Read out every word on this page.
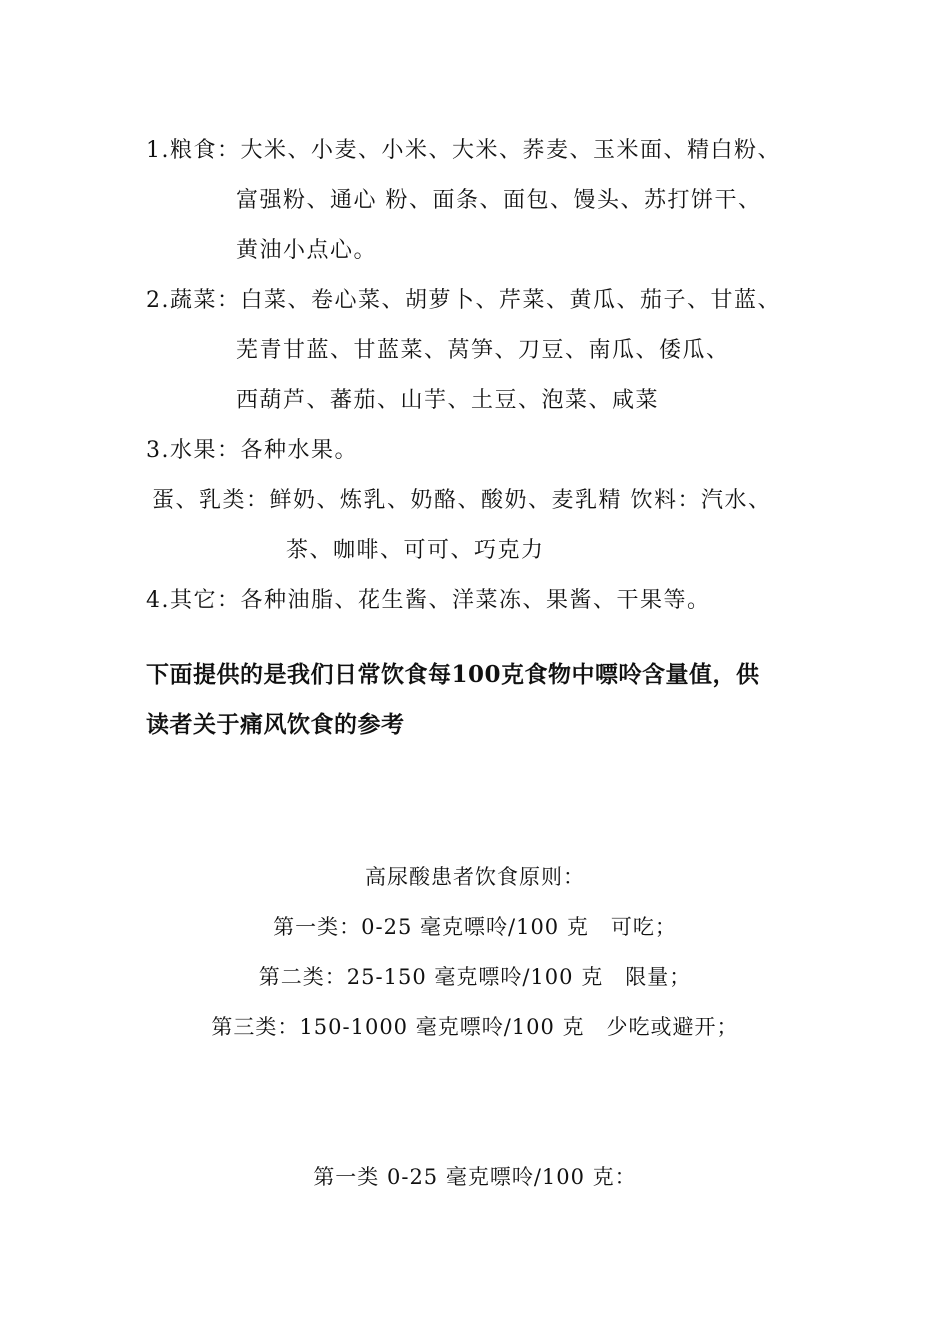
1.粮食：大米、小麦、小米、大米、荞麦、玉米面、精白粉、
富强粉、通心 粉、面条、面包、馒头、苏打饼干、
黄油小点心。
2.蔬菜：白菜、卷心菜、胡萝卜、芹菜、黄瓜、茄子、甘蓝、
芜青甘蓝、甘蓝菜、莴笋、刀豆、南瓜、倭瓜、
西葫芦、蕃茄、山芋、土豆、泡菜、咸菜
3.水果：各种水果。
蛋、乳类：鲜奶、炼乳、奶酪、酸奶、麦乳精 饮料：汽水、
茶、咖啡、可可、巧克力
4.其它：各种油脂、花生酱、洋菜冻、果酱、干果等。
下面提供的是我们日常饮食每100克食物中嘌呤含量值，供
读者关于痛风饮食的参考
高尿酸患者饮食原则：
第一类：0-25 毫克嘌呤/100 克　可吃；
第二类：25-150 毫克嘌呤/100 克　限量；
第三类：150-1000 毫克嘌呤/100 克　少吃或避开；
第一类 0-25 毫克嘌呤/100 克：
